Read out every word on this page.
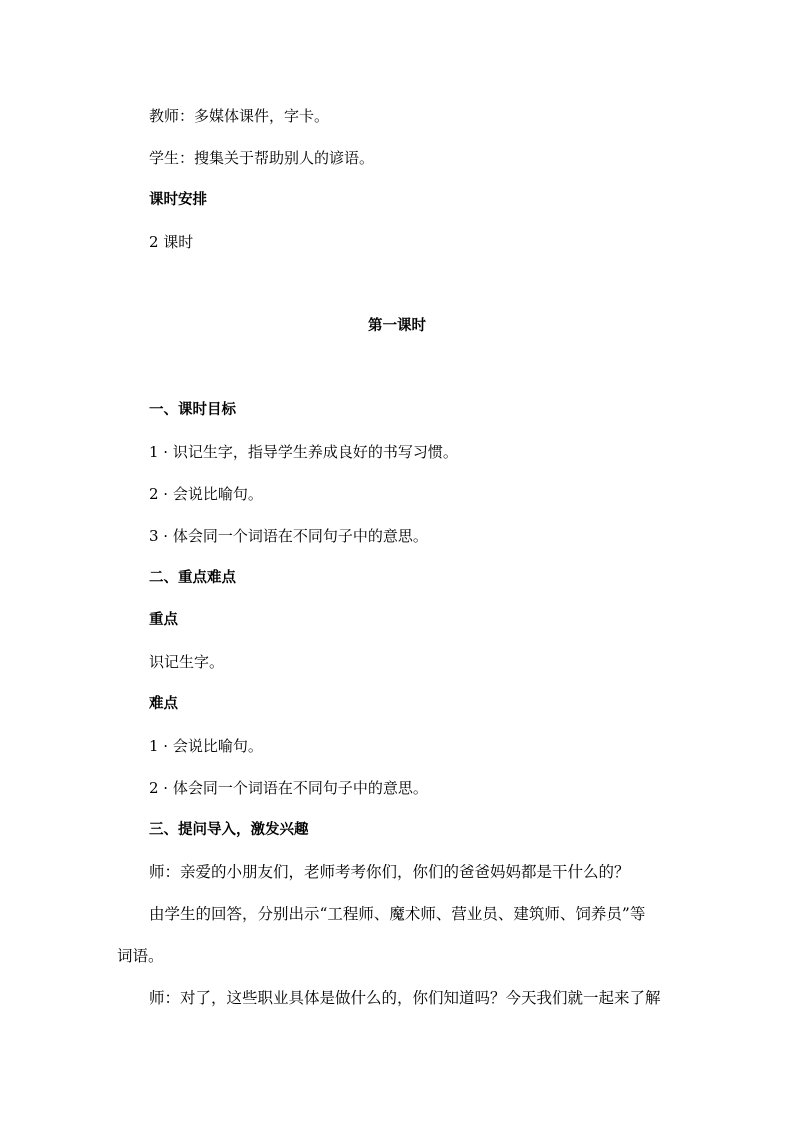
教师：多媒体课件，字卡。
学生：搜集关于帮助别人的谚语。
课时安排
2 课时
第一课时
一、课时目标
1 · 识记生字，指导学生养成良好的书写习惯。
2 · 会说比喻句。
3 · 体会同一个词语在不同句子中的意思。
二、重点难点
重点
识记生字。
难点
1 · 会说比喻句。
2 · 体会同一个词语在不同句子中的意思。
三、提问导入，激发兴趣
师：亲爱的小朋友们，老师考考你们，你们的爸爸妈妈都是干什么的？
由学生的回答，分别出示“工程师、魔术师、营业员、建筑师、饲养员”等
词语。
师：对了，这些职业具体是做什么的，你们知道吗？今天我们就一起来了解
